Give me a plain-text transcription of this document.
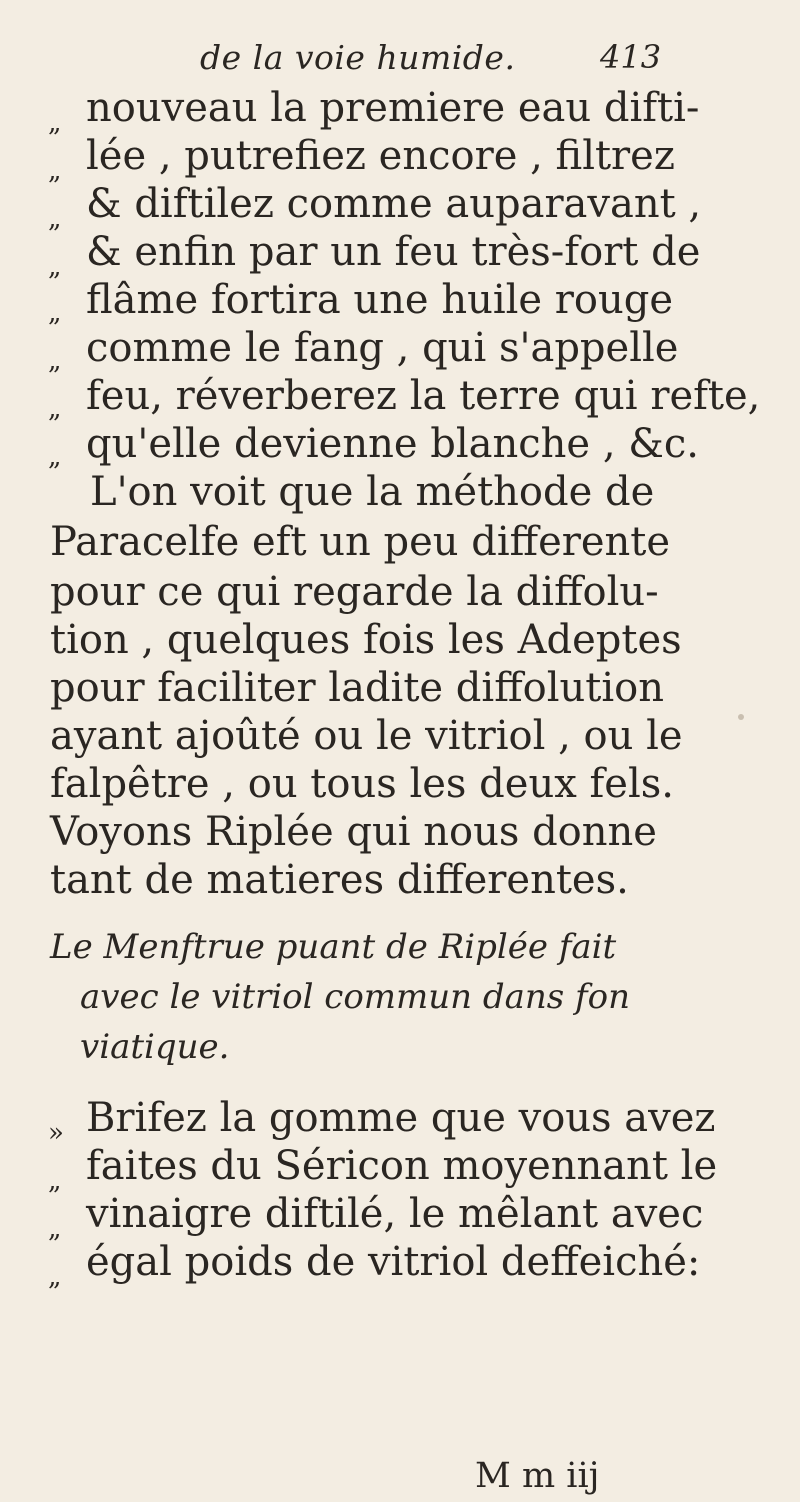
de la voie humide.	413
„ nouveau la premiere eau difti-
„ lée , putrefiez encore , filtrez
„ & diftilez comme auparavant ,
„ & enfin par un feu très-fort de
„ flâme fortira une huile rouge
„ comme le fang , qui s'appelle
„ feu, réverberez la terre qui refte,
„ qu'elle devienne blanche , &c.
L'on voit que la méthode de
Paracelfe eft un peu differente
pour ce qui regarde la diffolu-
tion , quelques fois les Adeptes
pour faciliter ladite diffolution
ayant ajoûté ou le vitriol , ou le
falpêtre , ou tous les deux fels.
Voyons Riplée qui nous donne
tant de matieres differentes.
Le Menftrue puant de Riplée fait
avec le vitriol commun dans fon
viatique.
» Brifez la gomme que vous avez
„ faites du Séricon moyennant le
„ vinaigre diftilé, le mêlant avec
„ égal poids de vitriol deffeiché:
M m iij
